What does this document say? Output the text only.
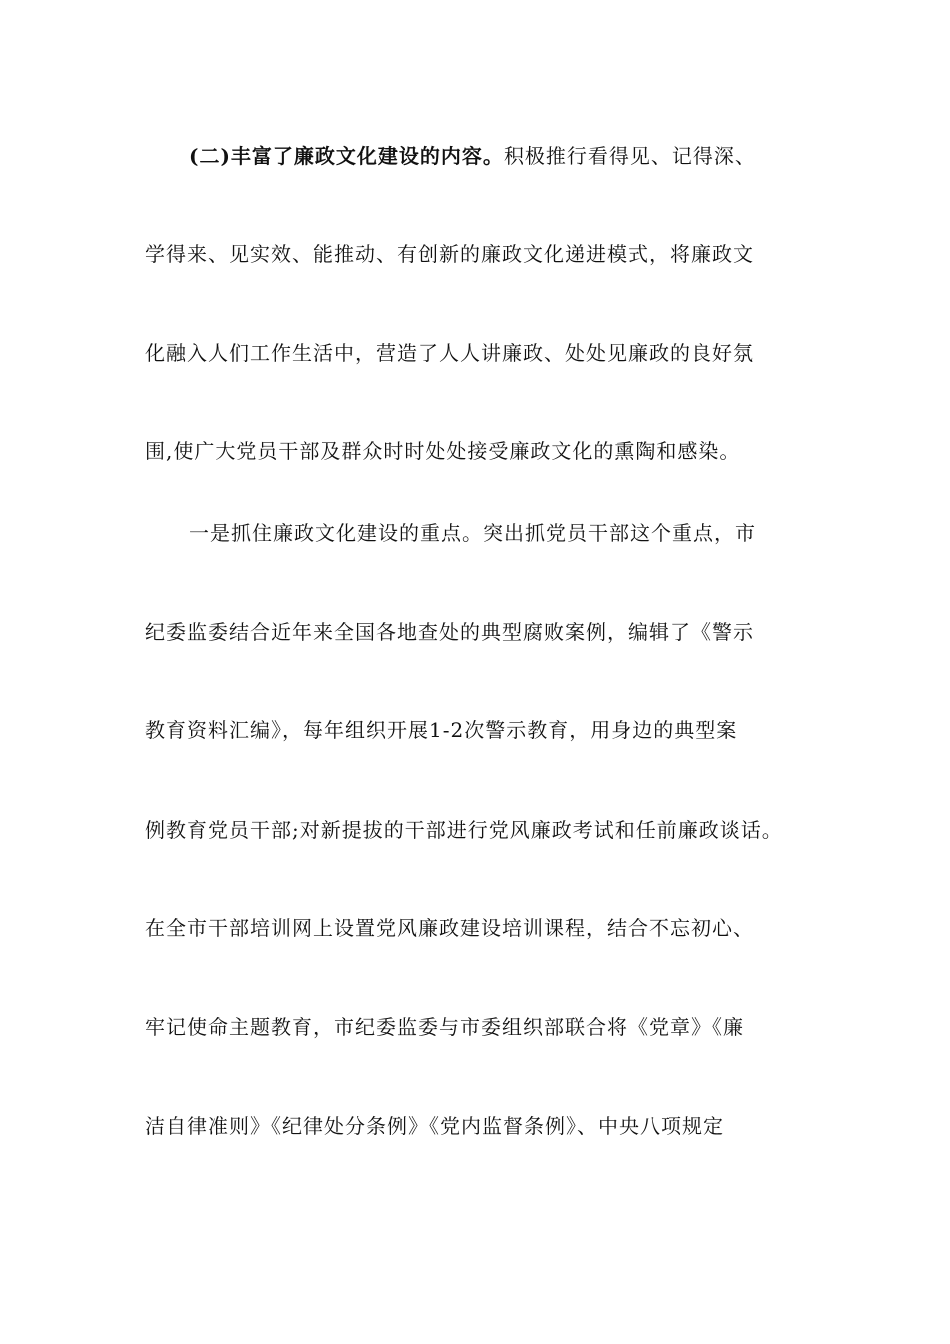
(二)丰富了廉政文化建设的内容。积极推行看得见、记得深、
学得来、见实效、能推动、有创新的廉政文化递进模式，将廉政文
化融入人们工作生活中，营造了人人讲廉政、处处见廉政的良好氛
围,使广大党员干部及群众时时处处接受廉政文化的熏陶和感染。
一是抓住廉政文化建设的重点。突出抓党员干部这个重点，市
纪委监委结合近年来全国各地查处的典型腐败案例，编辑了《警示
教育资料汇编》，每年组织开展1-2次警示教育，用身边的典型案
例教育党员干部;对新提拔的干部进行党风廉政考试和任前廉政谈话。
在全市干部培训网上设置党风廉政建设培训课程，结合不忘初心、
牢记使命主题教育，市纪委监委与市委组织部联合将《党章》《廉
洁自律准则》《纪律处分条例》《党内监督条例》、中央八项规定
